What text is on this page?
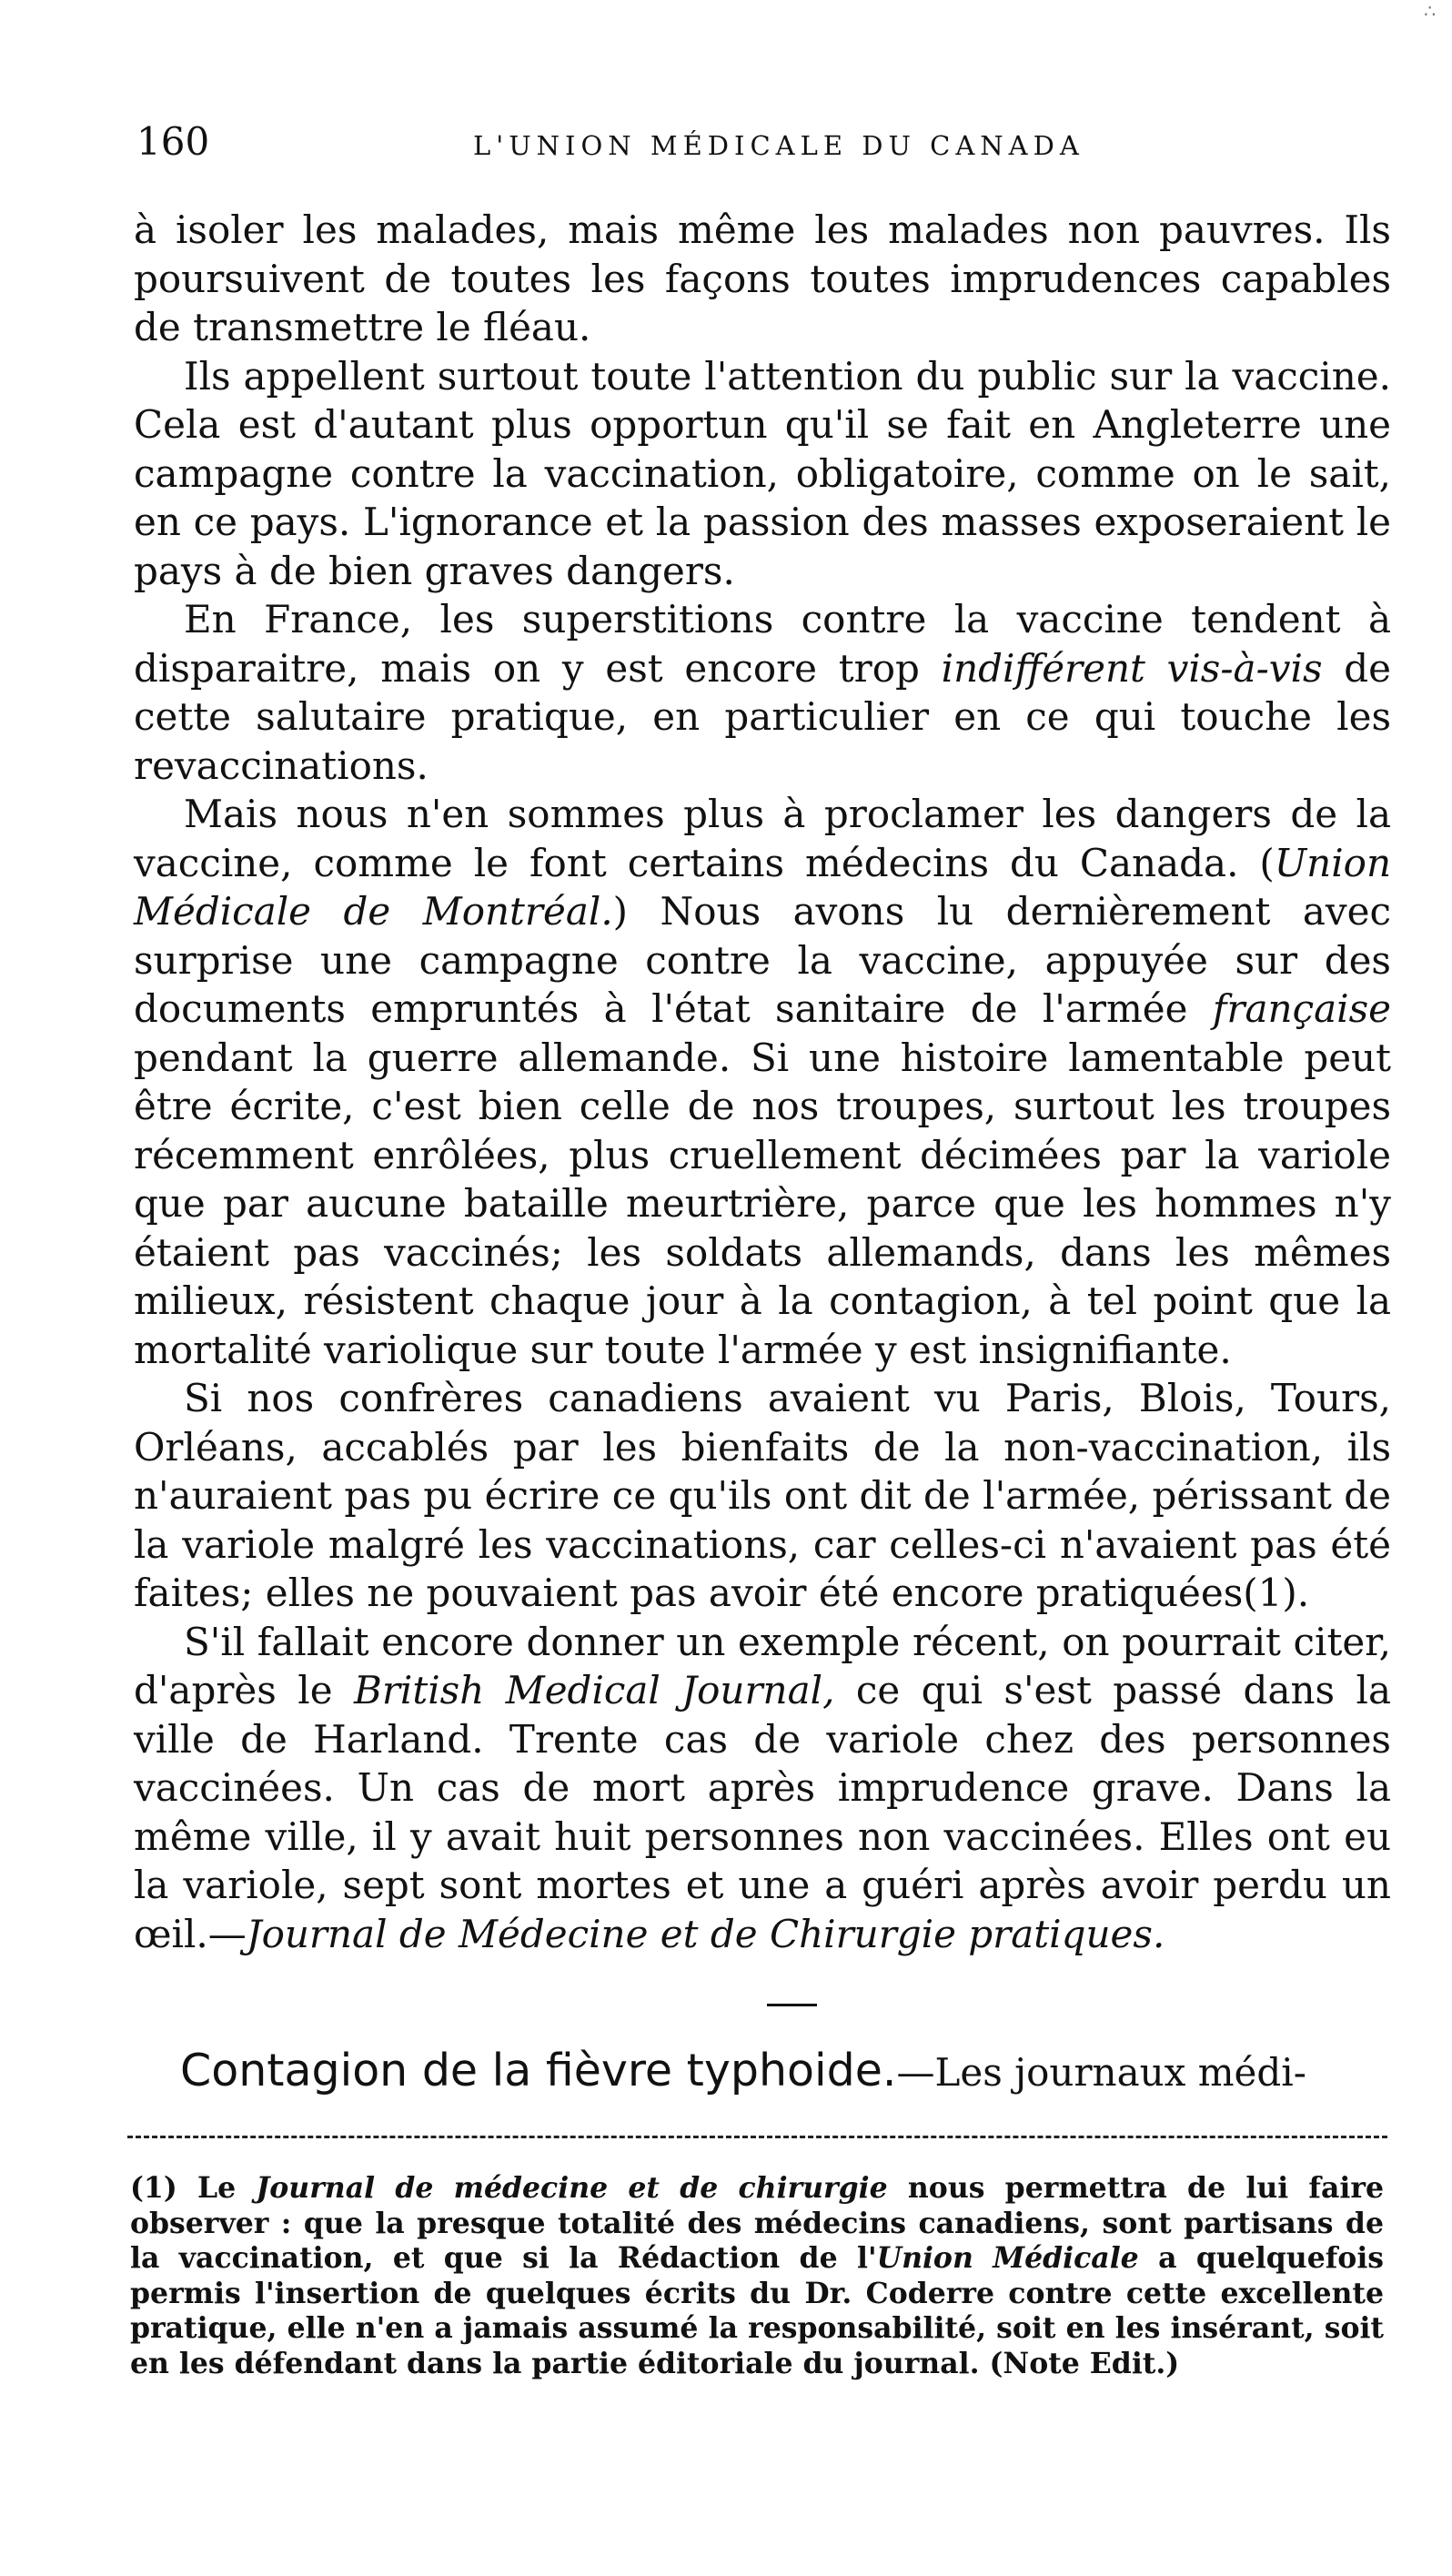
∴
160	L'UNION MÉDICALE DU CANADA

à isoler les malades, mais même les malades non pauvres. Ils poursuivent de toutes les façons toutes imprudences capables de transmettre le fléau.

Ils appellent surtout toute l'attention du public sur la vaccine. Cela est d'autant plus opportun qu'il se fait en Angleterre une campagne contre la vaccination, obligatoire, comme on le sait, en ce pays. L'ignorance et la passion des masses exposeraient le pays à de bien graves dangers.

En France, les superstitions contre la vaccine tendent à disparaitre, mais on y est encore trop indifférent vis-à-vis de cette salutaire pratique, en particulier en ce qui touche les revaccinations.

Mais nous n'en sommes plus à proclamer les dangers de la vaccine, comme le font certains médecins du Canada. (Union Médicale de Montréal.) Nous avons lu dernièrement avec surprise une campagne contre la vaccine, appuyée sur des documents empruntés à l'état sanitaire de l'armée française pendant la guerre allemande. Si une histoire lamentable peut être écrite, c'est bien celle de nos troupes, surtout les troupes récemment enrôlées, plus cruellement décimées par la variole que par aucune bataille meurtrière, parce que les hommes n'y étaient pas vaccinés; les soldats allemands, dans les mêmes milieux, résistent chaque jour à la contagion, à tel point que la mortalité variolique sur toute l'armée y est insignifiante.

Si nos confrères canadiens avaient vu Paris, Blois, Tours, Orléans, accablés par les bienfaits de la non-vaccination, ils n'auraient pas pu écrire ce qu'ils ont dit de l'armée, périssant de la variole malgré les vaccinations, car celles-ci n'avaient pas été faites; elles ne pouvaient pas avoir été encore pratiquées(1).

S'il fallait encore donner un exemple récent, on pourrait citer, d'après le British Medical Journal, ce qui s'est passé dans la ville de Harland. Trente cas de variole chez des personnes vaccinées. Un cas de mort après imprudence grave. Dans la même ville, il y avait huit personnes non vaccinées. Elles ont eu la variole, sept sont mortes et une a guéri après avoir perdu un œil.—Journal de Médecine et de Chirurgie pratiques.

Contagion de la fièvre typhoide.—Les journaux médi-

(1) Le Journal de médecine et de chirurgie nous permettra de lui faire observer : que la presque totalité des médecins canadiens, sont partisans de la vaccination, et que si la Rédaction de l'Union Médicale a quelquefois permis l'insertion de quelques écrits du Dr. Coderre contre cette excellente pratique, elle n'en a jamais assumé la responsabilité, soit en les insérant, soit en les défendant dans la partie éditoriale du journal. (Note Edit.)
